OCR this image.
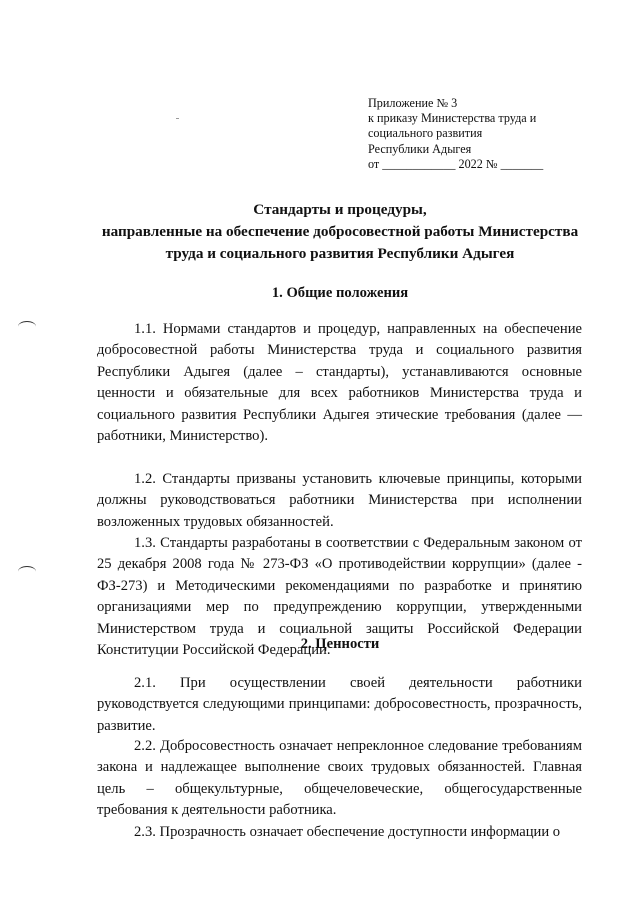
Приложение № 3
к приказу Министерства труда и
социального развития
Республики Адыгея
от ____________ 2022 № _______
Стандарты и процедуры,
направленные на обеспечение добросовестной работы Министерства
труда и социального развития Республики Адыгея
1. Общие положения
1.1. Нормами стандартов и процедур, направленных на обеспечение добросовестной работы Министерства труда и социального развития Республики Адыгея (далее – стандарты), устанавливаются основные ценности и обязательные для всех работников Министерства труда и социального развития Республики Адыгея этические требования (далее — работники, Министерство).
1.2. Стандарты призваны установить ключевые принципы, которыми должны руководствоваться работники Министерства при исполнении возложенных трудовых обязанностей.
1.3. Стандарты разработаны в соответствии с Федеральным законом от 25 декабря 2008 года № 273-ФЗ «О противодействии коррупции» (далее - ФЗ-273) и Методическими рекомендациями по разработке и принятию организациями мер по предупреждению коррупции, утвержденными Министерством труда и социальной защиты Российской Федерации Конституции Российской Федерации.
2. Ценности
2.1. При осуществлении своей деятельности работники руководствуется следующими принципами: добросовестность, прозрачность, развитие.
2.2. Добросовестность означает непреклонное следование требованиям закона и надлежащее выполнение своих трудовых обязанностей. Главная цель – общекультурные, общечеловеческие, общегосударственные требования к деятельности работника.
2.3. Прозрачность означает обеспечение доступности информации о
